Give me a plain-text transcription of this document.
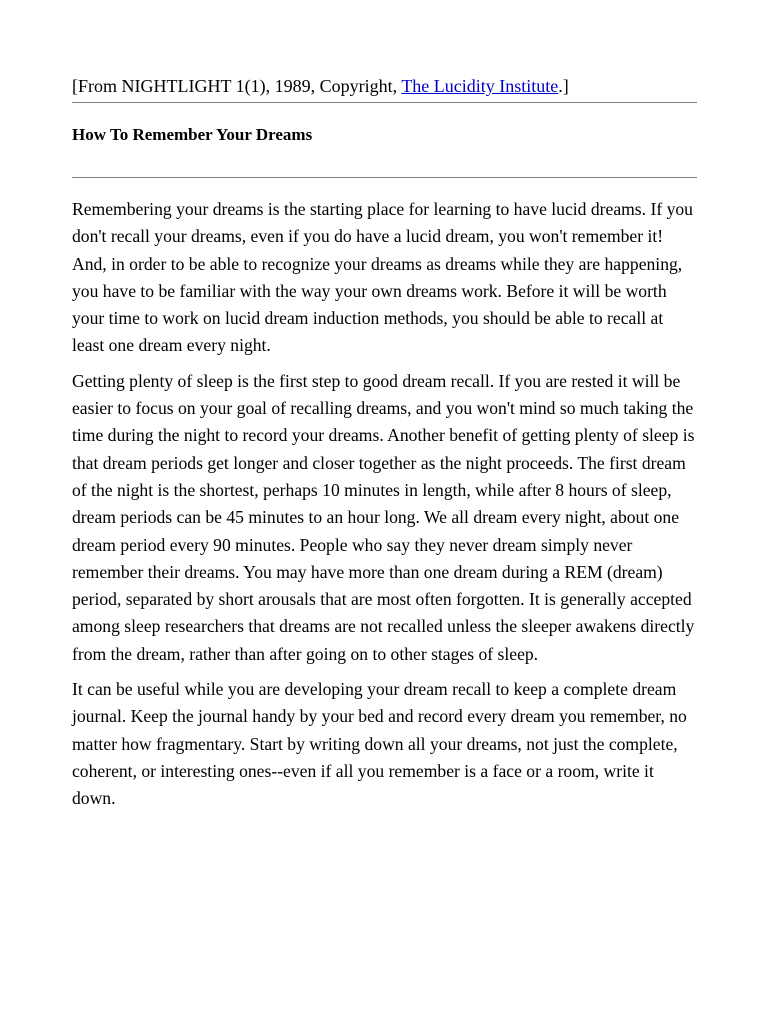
[From NIGHTLIGHT 1(1), 1989, Copyright, The Lucidity Institute.]

How To Remember Your Dreams

Remembering your dreams is the starting place for learning to have lucid dreams. If you don't recall your dreams, even if you do have a lucid dream, you won't remember it! And, in order to be able to recognize your dreams as dreams while they are happening, you have to be familiar with the way your own dreams work. Before it will be worth your time to work on lucid dream induction methods, you should be able to recall at least one dream every night.

Getting plenty of sleep is the first step to good dream recall. If you are rested it will be easier to focus on your goal of recalling dreams, and you won't mind so much taking the time during the night to record your dreams. Another benefit of getting plenty of sleep is that dream periods get longer and closer together as the night proceeds. The first dream of the night is the shortest, perhaps 10 minutes in length, while after 8 hours of sleep, dream periods can be 45 minutes to an hour long. We all dream every night, about one dream period every 90 minutes. People who say they never dream simply never remember their dreams. You may have more than one dream during a REM (dream) period, separated by short arousals that are most often forgotten. It is generally accepted among sleep researchers that dreams are not recalled unless the sleeper awakens directly from the dream, rather than after going on to other stages of sleep.

It can be useful while you are developing your dream recall to keep a complete dream journal. Keep the journal handy by your bed and record every dream you remember, no matter how fragmentary. Start by writing down all your dreams, not just the complete, coherent, or interesting ones--even if all you remember is a face or a room, write it down.
